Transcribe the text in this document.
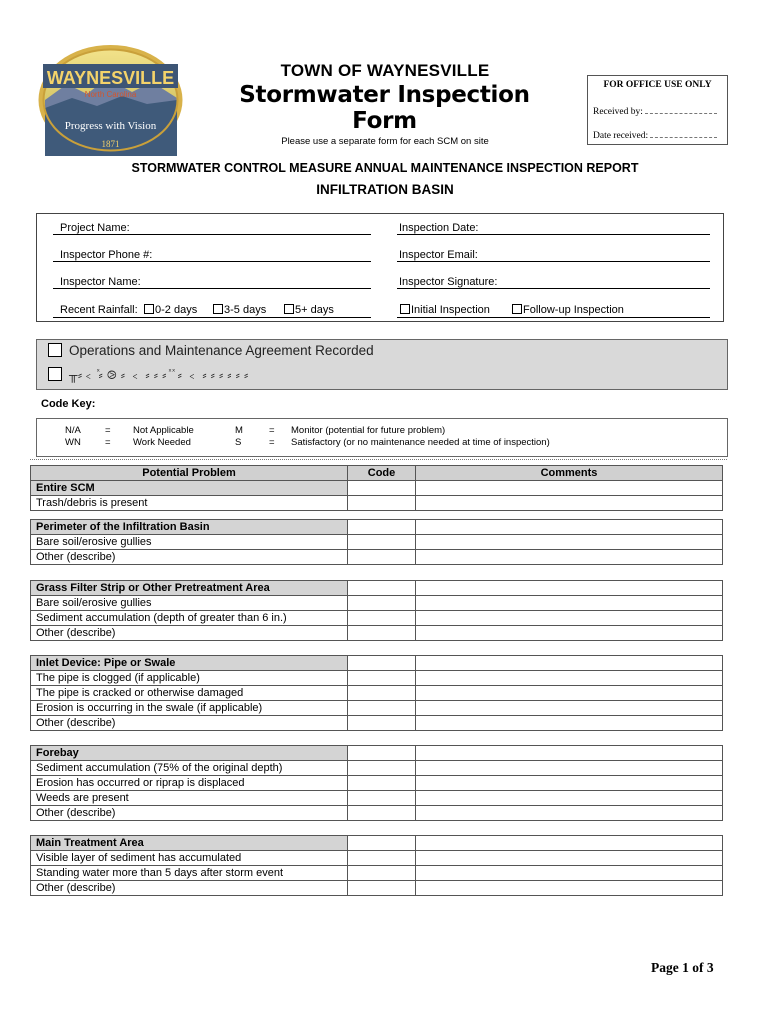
WAYNESVILLE
North Carolina
Progress with Vision
1871
TOWN OF WAYNESVILLE
Stormwater Inspection Form
Please use a separate form for each SCM on site
FOR OFFICE USE ONLY
Received by:
Date received:
STORMWATER CONTROL MEASURE ANNUAL MAINTENANCE INSPECTION REPORT
INFILTRATION BASIN
Project Name:	Inspection Date:
Inspector Phone #:	Inspector Email:
Inspector Name:	Inspector Signature:
Recent Rainfall:	0-2 days	3-5 days	5+ days	Initial Inspection	Follow-up Inspection
Operations and Maintenance Agreement Recorded
╥⸗﹤ ⷯ⸗ ⧁ ⸗ ﹤ ⸗ ⸗ ⸗ ⷯ ⷯ ⸗ ﹤ ⸗ ⸗ ⸗ ⸗ ⸗ ⸗
Code Key:
N/A	= Not Applicable
WN	= Work Needed
M	= Monitor (potential for future problem)
S	= Satisfactory (or no maintenance needed at time of inspection)
Potential Problem	Code	Comments
Entire SCM		
Trash/debris is present		
Perimeter of the Infiltration Basin		
Bare soil/erosive gullies		
Other (describe)		
Grass Filter Strip or Other Pretreatment Area		
Bare soil/erosive gullies		
Sediment accumulation (depth of greater than 6 in.)		
Other (describe)		
Inlet Device: Pipe or Swale		
The pipe is clogged (if applicable)		
The pipe is cracked or otherwise damaged		
Erosion is occurring in the swale (if applicable)		
Other (describe)		
Forebay		
Sediment accumulation (75% of the original depth)		
Erosion has occurred or riprap is displaced		
Weeds are present		
Other (describe)		
Main Treatment Area		
Visible layer of sediment has accumulated		
Standing water more than 5 days after storm event		
Other (describe)		
Page 1 of 3
